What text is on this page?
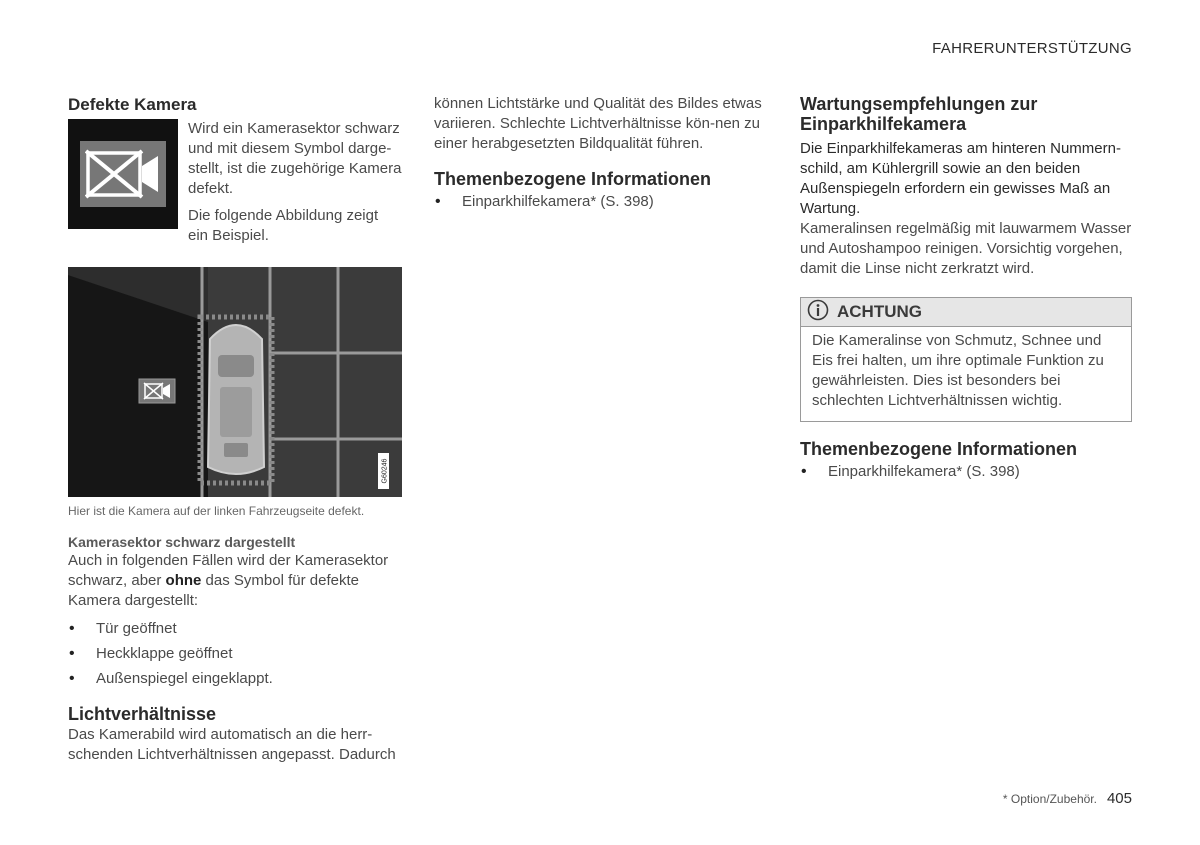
FAHRERUNTERSTÜTZUNG
Defekte Kamera

Wird ein Kamerasektor schwarz und mit diesem Symbol darge-stellt, ist die zugehörige Kamera defekt.

Die folgende Abbildung zeigt ein Beispiel.

G60246
Hier ist die Kamera auf der linken Fahrzeugseite defekt.
Kamerasektor schwarz dargestellt

Auch in folgenden Fällen wird der Kamerasektor schwarz, aber ohne das Symbol für defekte Kamera dargestellt:

• Tür geöffnet
• Heckklappe geöffnet
• Außenspiegel eingeklappt.
Lichtverhältnisse

Das Kamerabild wird automatisch an die herr-schenden Lichtverhältnissen angepasst. Dadurch

können Lichtstärke und Qualität des Bildes etwas variieren. Schlechte Lichtverhältnisse kön-nen zu einer herabgesetzten Bildqualität führen.

Themenbezogene Informationen
• Einparkhilfekamera* (S. 398)
Wartungsempfehlungen zur Einparkhilfekamera

Die Einparkhilfekameras am hinteren Nummern-schild, am Kühlergrill sowie an den beiden Außenspiegeln erfordern ein gewisses Maß an Wartung.

Kameralinsen regelmäßig mit lauwarmem Wasser und Autoshampoo reinigen. Vorsichtig vorgehen, damit die Linse nicht zerkratzt wird.

ACHTUNG

Die Kameralinse von Schmutz, Schnee und Eis frei halten, um ihre optimale Funktion zu gewährleisten. Dies ist besonders bei schlechten Lichtverhältnissen wichtig.

Themenbezogene Informationen
• Einparkhilfekamera* (S. 398)
* Option/Zubehör. 405
